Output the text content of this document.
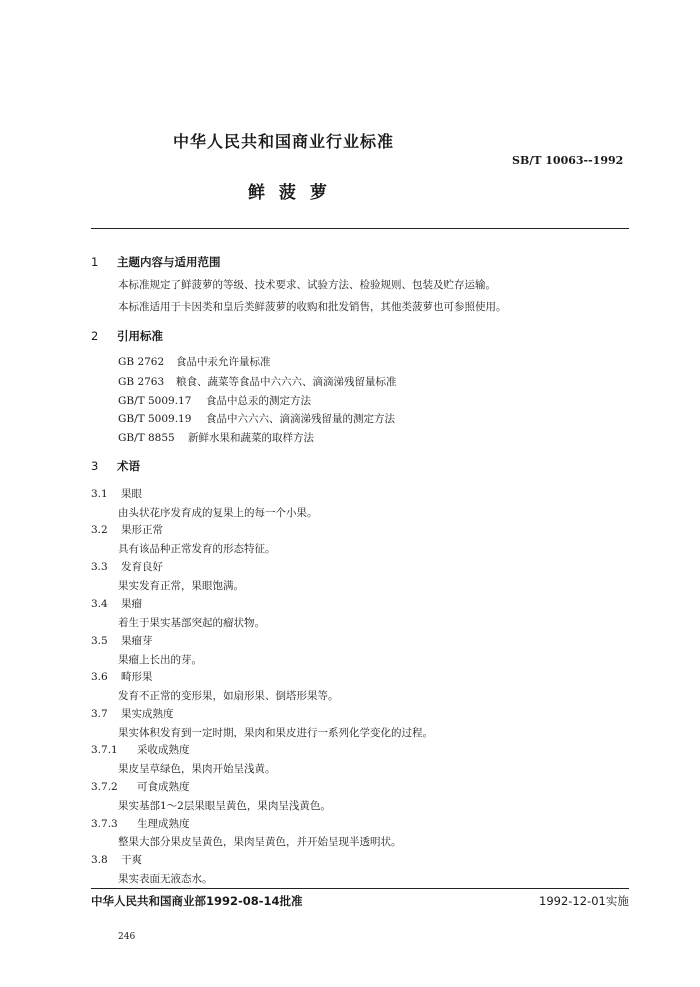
中华人民共和国商业行业标准
SB/T 10063--1992
鲜 菠 萝
1 主题内容与适用范围
本标准规定了鲜菠萝的等级、技术要求、试验方法、检验规则、包装及贮存运输。
本标准适用于卡因类和皇后类鲜菠萝的收购和批发销售，其他类菠萝也可参照使用。
2 引用标准
GB 2762 食品中汞允许量标准
GB 2763 粮食、蔬菜等食品中六六六、滴滴涕残留量标准
GB/T 5009.17 食品中总汞的测定方法
GB/T 5009.19 食品中六六六、滴滴涕残留量的测定方法
GB/T 8855 新鲜水果和蔬菜的取样方法
3 术语
3.1 果眼
由头状花序发育成的复果上的每一个小果。
3.2 果形正常
具有该品种正常发育的形态特征。
3.3 发育良好
果实发育正常，果眼饱满。
3.4 果瘤
着生于果实基部突起的瘤状物。
3.5 果瘤芽
果瘤上长出的芽。
3.6 畸形果
发育不正常的变形果，如扇形果、倒塔形果等。
3.7 果实成熟度
果实体积发育到一定时期，果肉和果皮进行一系列化学变化的过程。
3.7.1 采收成熟度
果皮呈草绿色，果肉开始呈浅黄。
3.7.2 可食成熟度
果实基部1～2层果眼呈黄色，果肉呈浅黄色。
3.7.3 生理成熟度
整果大部分果皮呈黄色，果肉呈黄色，并开始呈现半透明状。
3.8 干爽
果实表面无液态水。
中华人民共和国商业部1992-08-14批准	1992-12-01实施
246
